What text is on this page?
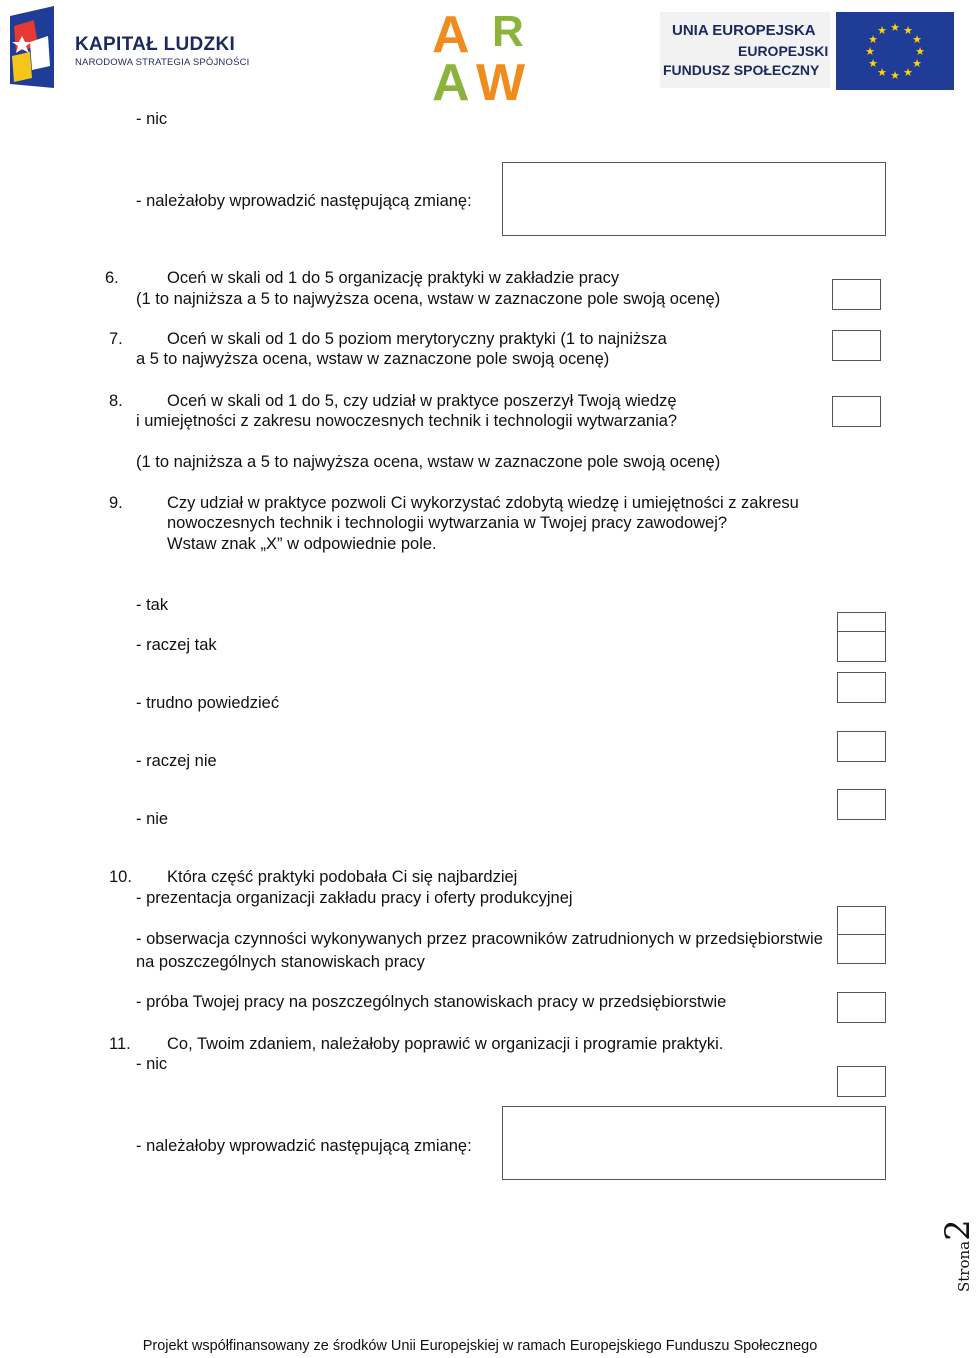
KAPITAŁ LUDZKI
NARODOWA STRATEGIA SPÓJNOŚCI	A R
A W
UNIA EUROPEJSKA
EUROPEJSKI
FUNDUSZ SPOŁECZNY
★ ★
★
★
★
★
★
★
★
★
★
★
- nic
- należałoby wprowadzić następującą zmianę:
6.	Oceń w skali od 1 do 5 organizację praktyki w zakładzie pracy
(1 to najniższa a 5 to najwyższa ocena, wstaw w zaznaczone pole swoją ocenę)
7.	Oceń w skali od 1 do 5 poziom merytoryczny praktyki (1 to najniższa
a 5 to najwyższa ocena, wstaw w zaznaczone pole swoją ocenę)
8.	Oceń w skali od 1 do 5, czy udział w praktyce poszerzył Twoją wiedzę
i umiejętności z zakresu nowoczesnych technik i technologii wytwarzania?
(1 to najniższa a 5 to najwyższa ocena, wstaw w zaznaczone pole swoją ocenę)
9.	Czy udział w praktyce pozwoli Ci wykorzystać zdobytą wiedzę i umiejętności z zakresu
nowoczesnych technik i technologii wytwarzania w Twojej pracy zawodowej?
Wstaw znak „X” w odpowiednie pole.
- tak
- raczej tak
- trudno powiedzieć
- raczej nie
- nie
10. Która część praktyki podobała Ci się najbardziej
- prezentacja organizacji zakładu pracy i oferty produkcyjnej
- obserwacja czynności wykonywanych przez pracowników zatrudnionych w przedsiębiorstwie
na poszczególnych stanowiskach pracy
- próba Twojej pracy na poszczególnych stanowiskach pracy w przedsiębiorstwie
11. Co, Twoim zdaniem, należałoby poprawić w organizacji i programie praktyki.
- nic
- należałoby wprowadzić następującą zmianę:
Strona2
Projekt współfinansowany ze środków Unii Europejskiej w ramach Europejskiego Funduszu Społecznego
